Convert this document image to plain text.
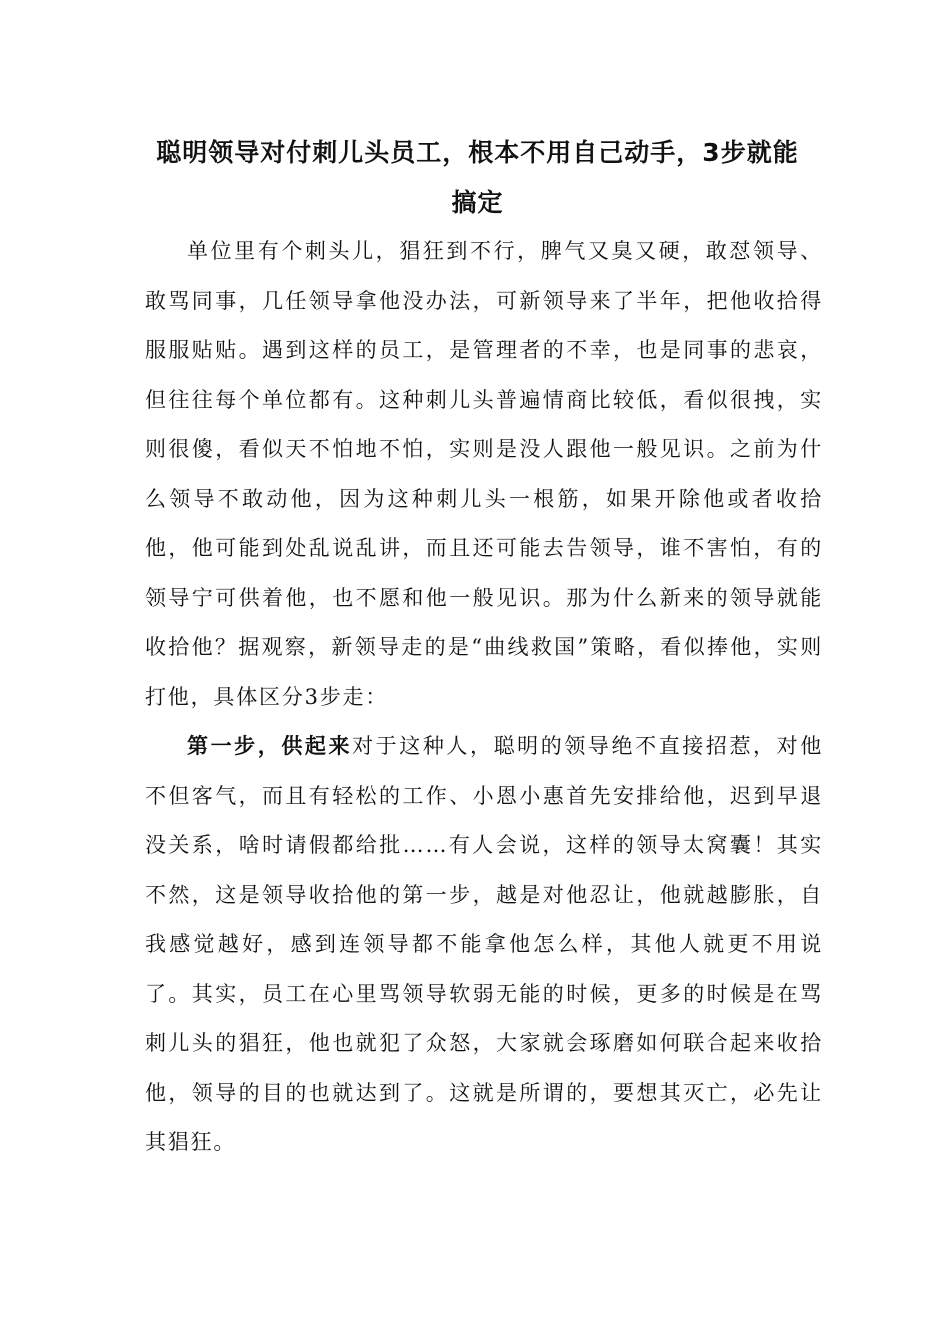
聪明领导对付刺儿头员工，根本不用自己动手，3步就能搞定

单位里有个刺头儿，猖狂到不行，脾气又臭又硬，敢怼领导、敢骂同事，几任领导拿他没办法，可新领导来了半年，把他收拾得服服贴贴。遇到这样的员工，是管理者的不幸，也是同事的悲哀，但往往每个单位都有。这种刺儿头普遍情商比较低，看似很拽，实则很傻，看似天不怕地不怕，实则是没人跟他一般见识。之前为什么领导不敢动他，因为这种刺儿头一根筋，如果开除他或者收拾他，他可能到处乱说乱讲，而且还可能去告领导，谁不害怕，有的领导宁可供着他，也不愿和他一般见识。那为什么新来的领导就能收拾他？据观察，新领导走的是“曲线救国”策略，看似捧他，实则打他，具体区分3步走：

第一步，供起来对于这种人，聪明的领导绝不直接招惹，对他不但客气，而且有轻松的工作、小恩小惠首先安排给他，迟到早退没关系，啥时请假都给批……有人会说，这样的领导太窝囊！其实不然，这是领导收拾他的第一步，越是对他忍让，他就越膨胀，自我感觉越好，感到连领导都不能拿他怎么样，其他人就更不用说了。其实，员工在心里骂领导软弱无能的时候，更多的时候是在骂刺儿头的猖狂，他也就犯了众怒，大家就会琢磨如何联合起来收拾他，领导的目的也就达到了。这就是所谓的，要想其灭亡，必先让其猖狂。
